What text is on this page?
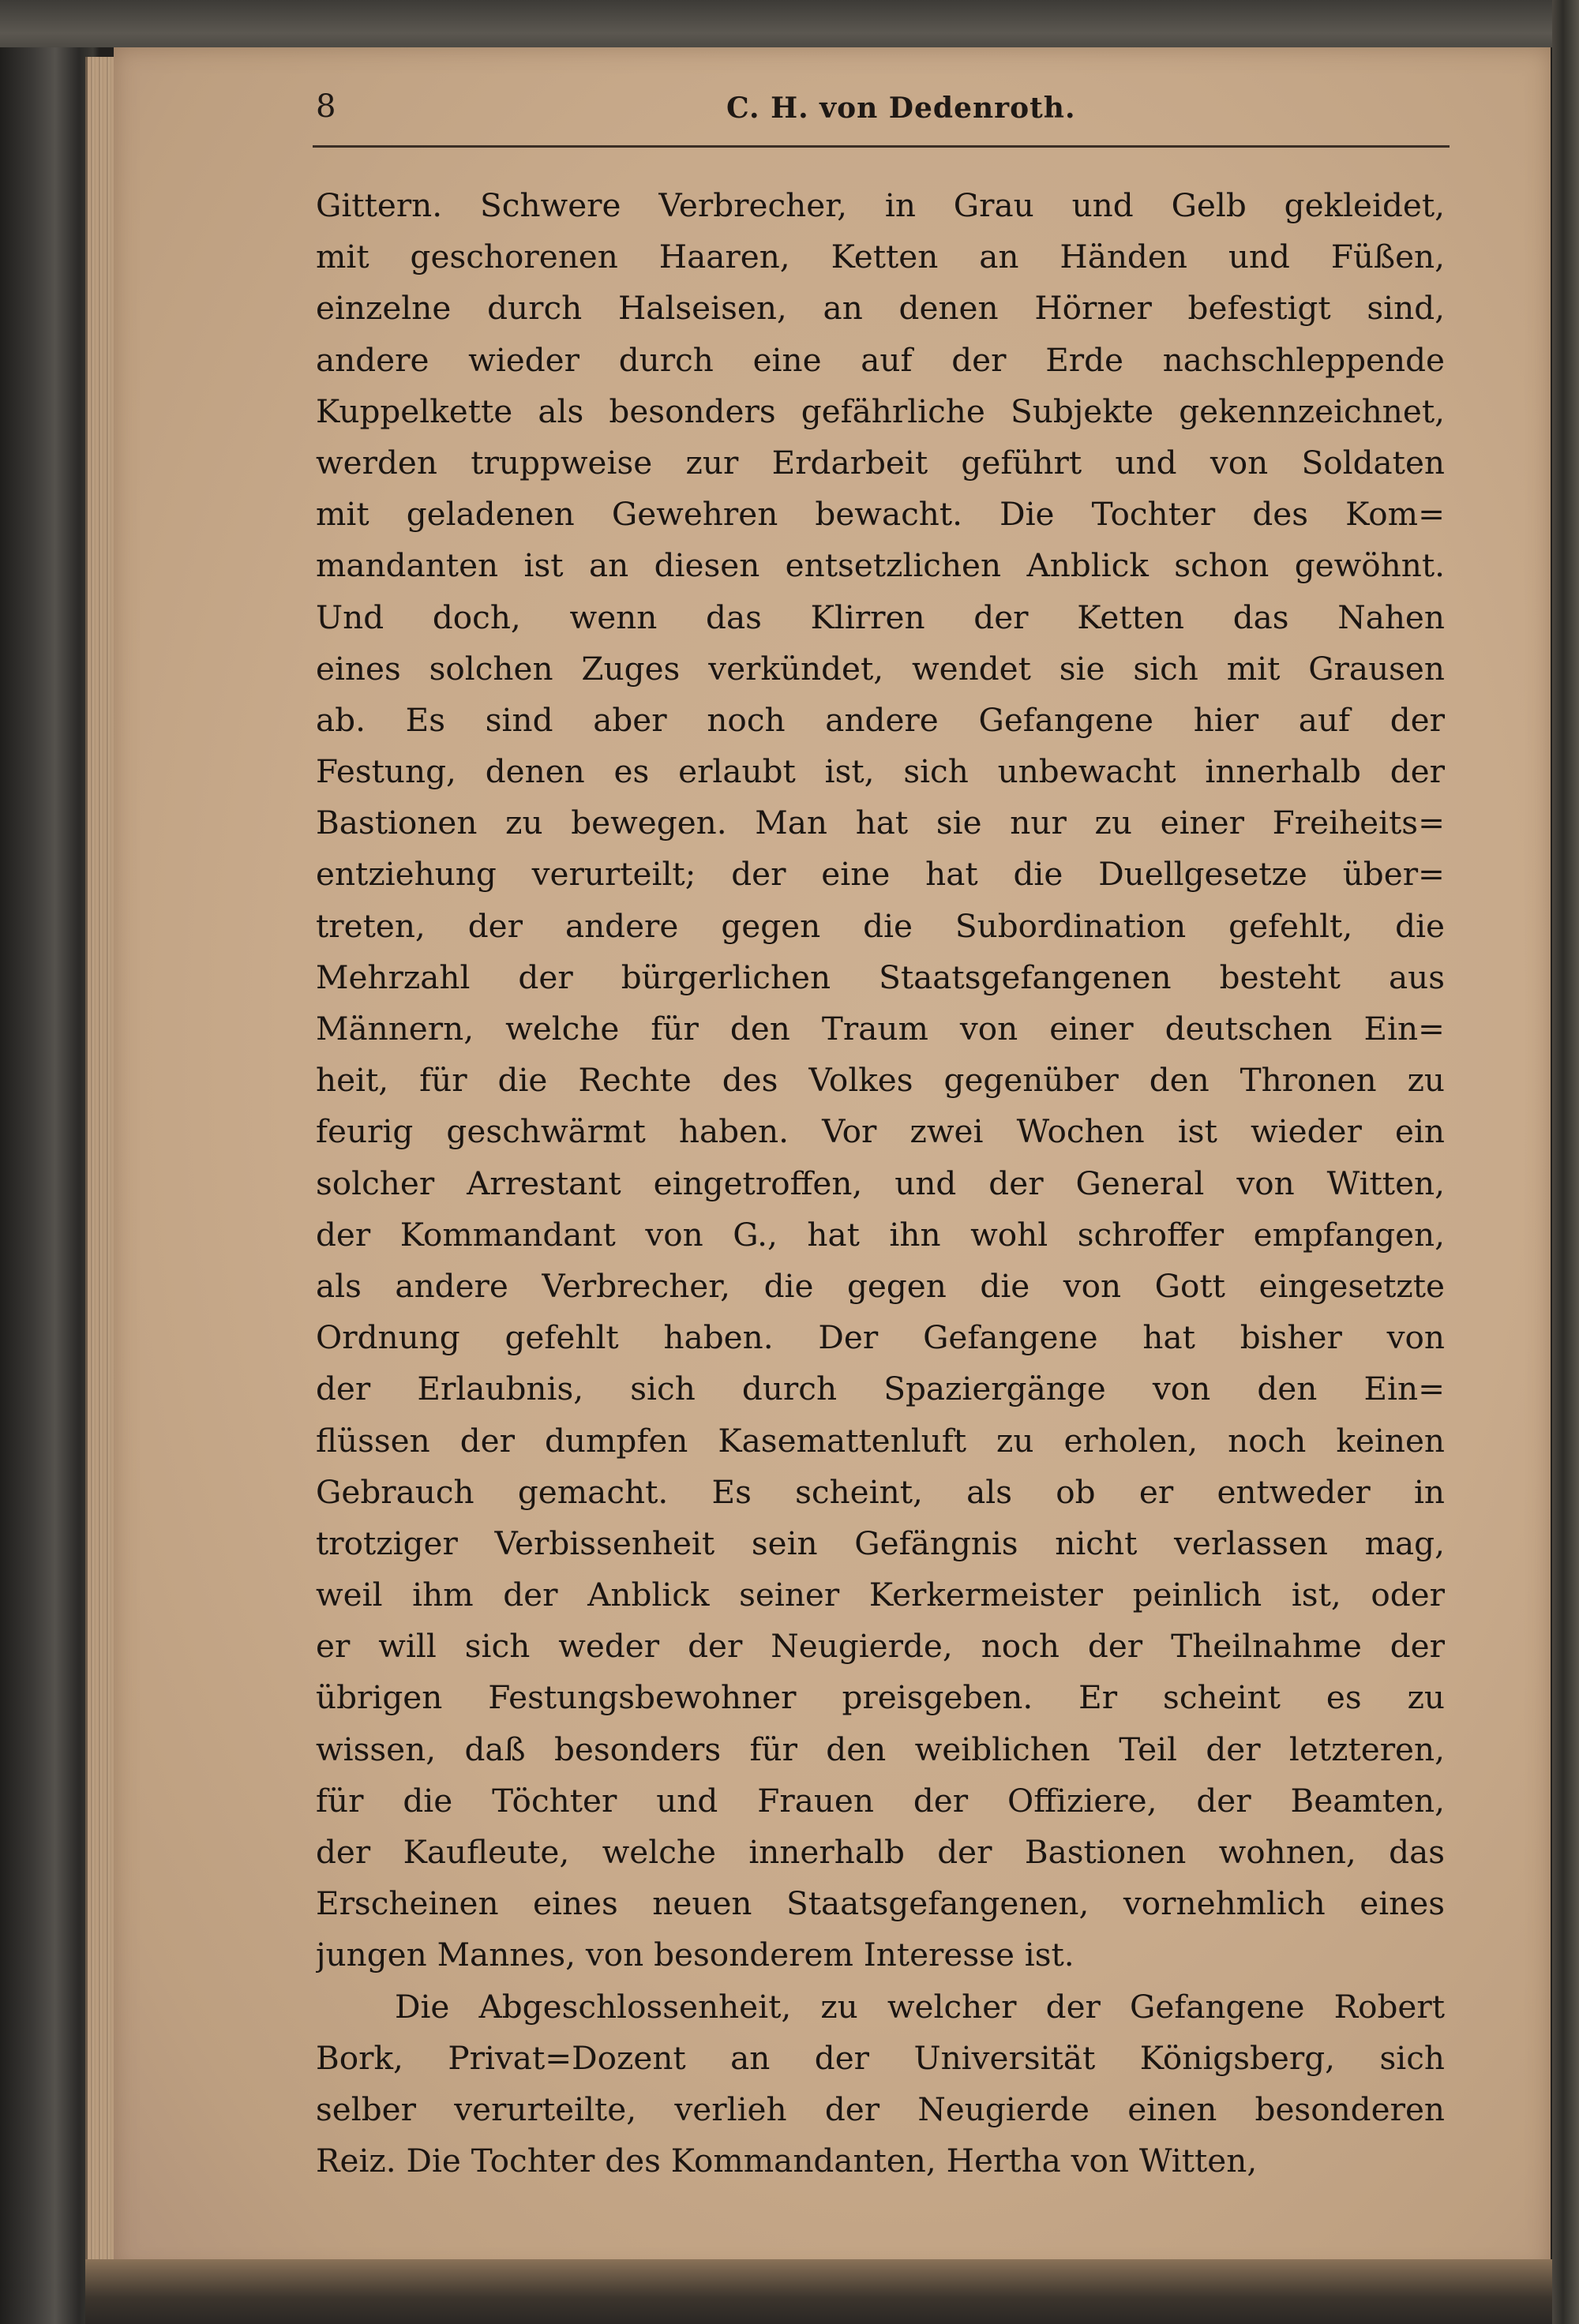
8	C. H. von Dedenroth.
Gittern. Schwere Verbrecher, in Grau und Gelb gekleidet,
mit geschorenen Haaren, Ketten an Händen und Füßen,
einzelne durch Halseisen, an denen Hörner befestigt sind,
andere wieder durch eine auf der Erde nachschleppende
Kuppelkette als besonders gefährliche Subjekte gekennzeichnet,
werden truppweise zur Erdarbeit geführt und von Soldaten
mit geladenen Gewehren bewacht. Die Tochter des Kom=
mandanten ist an diesen entsetzlichen Anblick schon gewöhnt.
Und doch, wenn das Klirren der Ketten das Nahen
eines solchen Zuges verkündet, wendet sie sich mit Grausen
ab. Es sind aber noch andere Gefangene hier auf der
Festung, denen es erlaubt ist, sich unbewacht innerhalb der
Bastionen zu bewegen. Man hat sie nur zu einer Freiheits=
entziehung verurteilt; der eine hat die Duellgesetze über=
treten, der andere gegen die Subordination gefehlt, die
Mehrzahl der bürgerlichen Staatsgefangenen besteht aus
Männern, welche für den Traum von einer deutschen Ein=
heit, für die Rechte des Volkes gegenüber den Thronen zu
feurig geschwärmt haben. Vor zwei Wochen ist wieder ein
solcher Arrestant eingetroffen, und der General von Witten,
der Kommandant von G., hat ihn wohl schroffer empfangen,
als andere Verbrecher, die gegen die von Gott eingesetzte
Ordnung gefehlt haben. Der Gefangene hat bisher von
der Erlaubnis, sich durch Spaziergänge von den Ein=
flüssen der dumpfen Kasemattenluft zu erholen, noch keinen
Gebrauch gemacht. Es scheint, als ob er entweder in
trotziger Verbissenheit sein Gefängnis nicht verlassen mag,
weil ihm der Anblick seiner Kerkermeister peinlich ist, oder
er will sich weder der Neugierde, noch der Theilnahme der
übrigen Festungsbewohner preisgeben. Er scheint es zu
wissen, daß besonders für den weiblichen Teil der letzteren,
für die Töchter und Frauen der Offiziere, der Beamten,
der Kaufleute, welche innerhalb der Bastionen wohnen, das
Erscheinen eines neuen Staatsgefangenen, vornehmlich eines
jungen Mannes, von besonderem Interesse ist.
Die Abgeschlossenheit, zu welcher der Gefangene Robert
Bork, Privat=Dozent an der Universität Königsberg, sich
selber verurteilte, verlieh der Neugierde einen besonderen
Reiz. Die Tochter des Kommandanten, Hertha von Witten,
